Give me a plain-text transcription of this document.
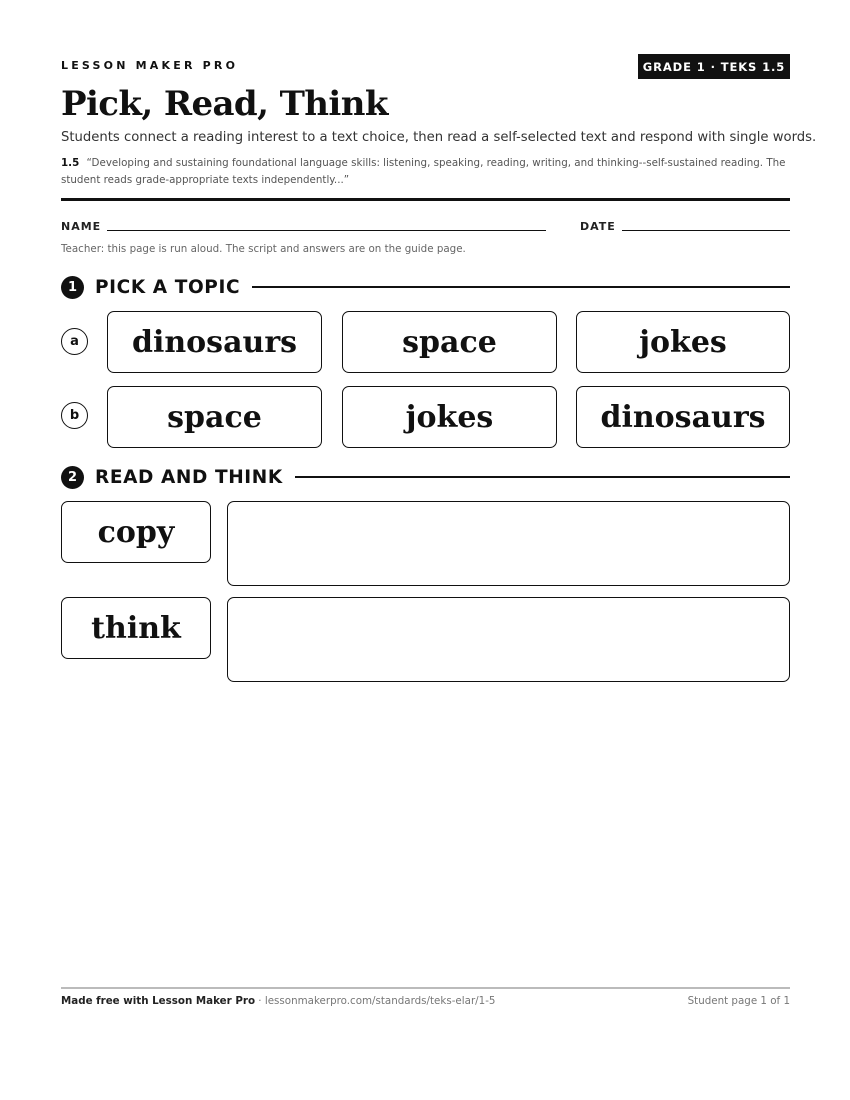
LESSON MAKER PRO	GRADE 1 · TEKS 1.5
Pick, Read, Think
Students connect a reading interest to a text choice, then read a self-selected text and respond with single words.
1.5 “Developing and sustaining foundational language skills: listening, speaking, reading, writing, and thinking--self-sustained reading. The student reads grade-appropriate texts independently...”
NAME	DATE
Teacher: this page is run aloud. The script and answers are on the guide page.
1 PICK A TOPIC
a	dinosaurs	space	jokes
b	space	jokes	dinosaurs
2 READ AND THINK
copy
think
Made free with Lesson Maker Pro · lessonmakerpro.com/standards/teks-elar/1-5	Student page 1 of 1
